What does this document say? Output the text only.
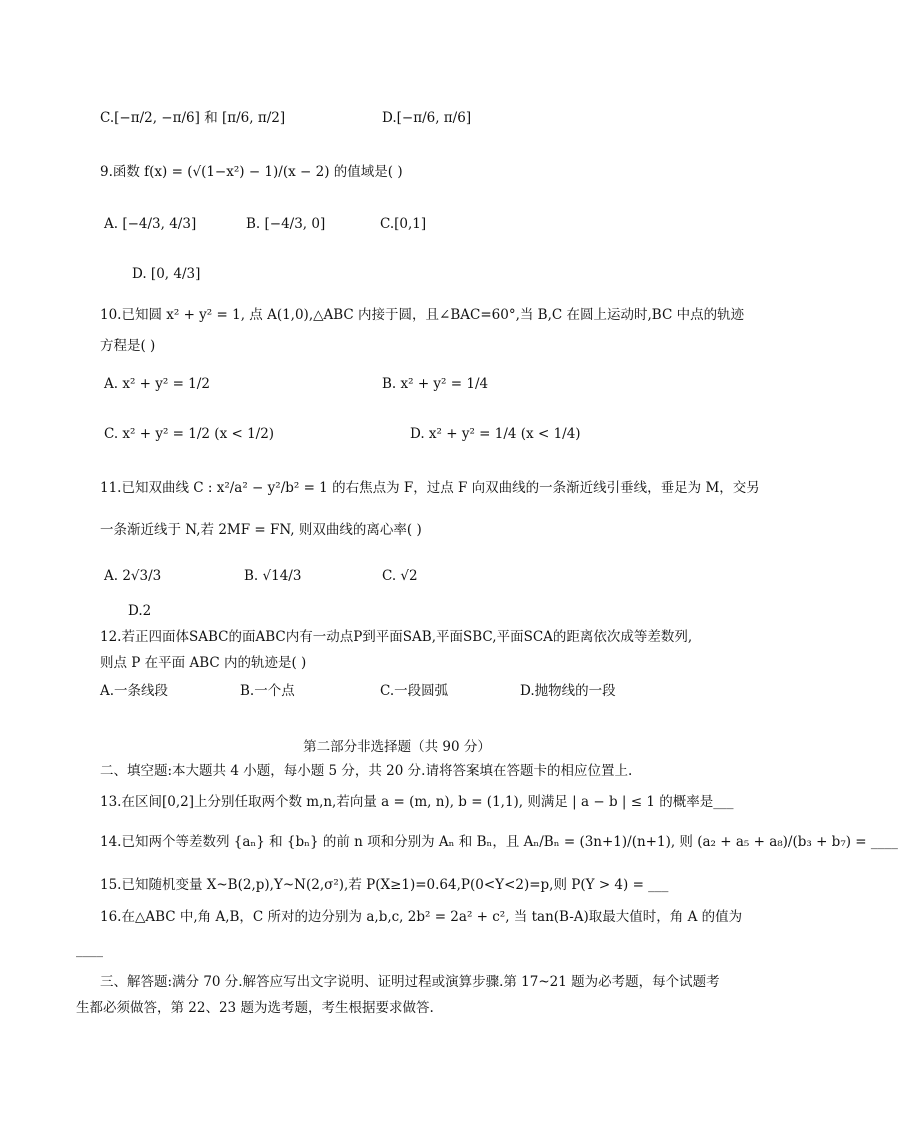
C.[−π/2, −π/6] 和 [π/6, π/2]	D.[−π/6, π/6]
9.函数 f(x) = (√(1−x²) − 1)/(x − 2) 的值域是( )
A. [−4/3, 4/3]	B. [−4/3, 0]	C.[0,1]
D. [0, 4/3]
10.已知圆 x² + y² = 1, 点 A(1,0),△ABC 内接于圆，且∠BAC=60°,当 B,C 在圆上运动时,BC 中点的轨迹
方程是( )
A. x² + y² = 1/2	B. x² + y² = 1/4
C. x² + y² = 1/2 (x < 1/2)	D. x² + y² = 1/4 (x < 1/4)
11.已知双曲线 C : x²/a² − y²/b² = 1 的右焦点为 F，过点 F 向双曲线的一条渐近线引垂线，垂足为 M，交另
一条渐近线于 N,若 2MF = FN, 则双曲线的离心率( )
A. 2√3/3	B. √14/3	C. √2
D.2
12.若正四面体SABC的面ABC内有一动点P到平面SAB,平面SBC,平面SCA的距离依次成等差数列,
则点 P 在平面 ABC 内的轨迹是( )
A.一条线段	B.一个点	C.一段圆弧	D.抛物线的一段
第二部分非选择题（共 90 分）
二、填空题:本大题共 4 小题，每小题 5 分，共 20 分.请将答案填在答题卡的相应位置上.
13.在区间[0,2]上分别任取两个数 m,n,若向量 a = (m, n), b = (1,1), 则满足 | a − b | ≤ 1 的概率是___
14.已知两个等差数列 {aₙ} 和 {bₙ} 的前 n 项和分别为 Aₙ 和 Bₙ，且 Aₙ/Bₙ = (3n+1)/(n+1), 则 (a₂ + a₅ + a₈)/(b₃ + b₇) = ____
15.已知随机变量 X~B(2,p),Y~N(2,σ²),若 P(X≥1)=0.64,P(0<Y<2)=p,则 P(Y > 4) = ___
16.在△ABC 中,角 A,B，C 所对的边分别为 a,b,c, 2b² = 2a² + c², 当 tan(B-A)取最大值时，角 A 的值为
____
三、解答题:满分 70 分.解答应写出文字说明、证明过程或演算步骤.第 17~21 题为必考题，每个试题考
生都必须做答，第 22、23 题为选考题，考生根据要求做答.
